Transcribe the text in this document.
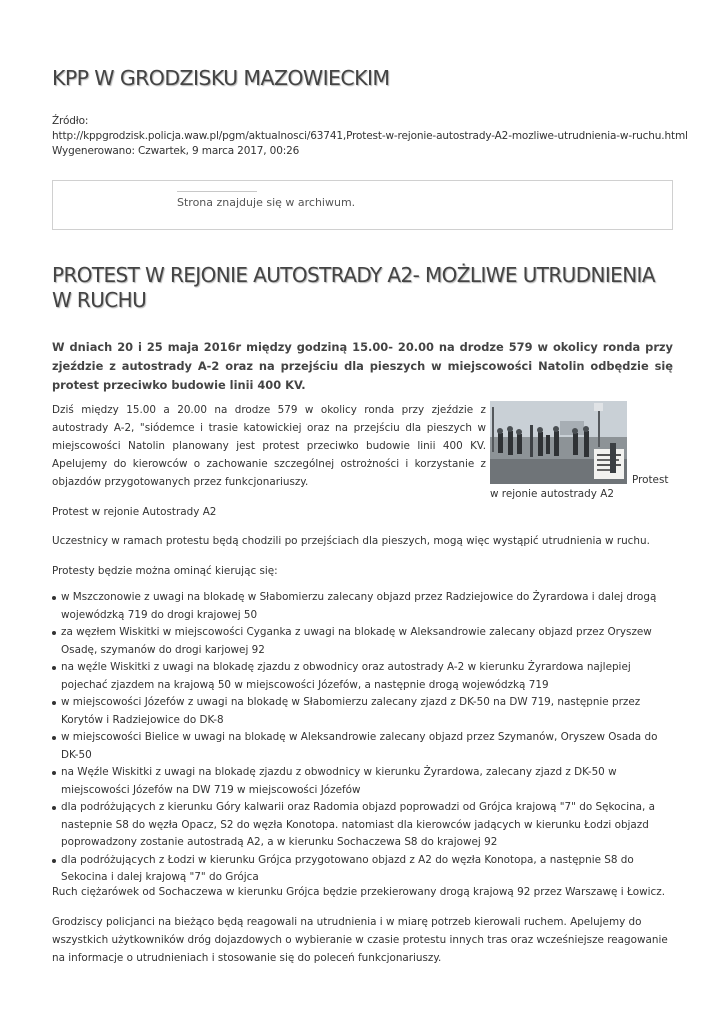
KPP W GRODZISKU MAZOWIECKIM
Źródło:
http://kppgrodzisk.policja.waw.pl/pgm/aktualnosci/63741,Protest-w-rejonie-autostrady-A2-mozliwe-utrudnienia-w-ruchu.html
Wygenerowano: Czwartek, 9 marca 2017, 00:26
Strona znajduje się w archiwum.
PROTEST W REJONIE AUTOSTRADY A2- MOŻLIWE UTRUDNIENIA W RUCHU

W dniach 20 i 25 maja 2016r między godziną 15.00- 20.00 na drodze 579 w okolicy ronda przy zjeździe z autostrady A-2 oraz na przejściu dla pieszych w miejscowości Natolin odbędzie się protest przeciwko budowie linii 400 KV.

Dziś między 15.00 a 20.00 na drodze 579 w okolicy ronda przy zjeździe z autostrady A-2, "siódemce i trasie katowickiej oraz na przejściu dla pieszych w miejscowości Natolin planowany jest protest przeciwko budowie linii 400 KV. Apelujemy do kierowców o zachowanie szczególnej ostrożności i korzystanie z objazdów przygotowanych przez funkcjonariuszy.	Protest
w rejonie autostrady A2

Protest w rejonie Autostrady A2

Uczestnicy w ramach protestu będą chodzili po przejściach dla pieszych, mogą więc wystąpić utrudnienia w ruchu.

Protesty będzie można ominąć kierując się:

w Mszczonowie z uwagi na blokadę w Słabomierzu zalecany objazd przez Radziejowice do Żyrardowa i dalej drogą wojewódzką 719 do drogi krajowej 50
za węzłem Wiskitki w miejscowości Cyganka z uwagi na blokadę w Aleksandrowie zalecany objazd przez Oryszew Osadę, szymanów do drogi karjowej 92
na węźle Wiskitki z uwagi na blokadę zjazdu z obwodnicy oraz autostrady A-2 w kierunku Żyrardowa najlepiej pojechać zjazdem na krajową 50 w miejscowości Józefów, a następnie drogą wojewódzką 719
w miejscowości Józefów z uwagi na blokadę w Słabomierzu zalecany zjazd z DK-50 na DW 719, następnie przez Korytów i Radziejowice do DK-8
w miejscowości Bielice w uwagi na blokadę w Aleksandrowie zalecany objazd przez Szymanów, Oryszew Osada do DK-50
na Węźle Wiskitki z uwagi na blokadę zjazdu z obwodnicy w kierunku Żyrardowa, zalecany zjazd z DK-50 w miejscowości Józefów na DW 719 w miejscowości Józefów
dla podróżujących z kierunku Góry kalwarii oraz Radomia objazd poprowadzi od Grójca krajową "7" do Sękocina, a nastepnie S8 do węzła Opacz, S2 do węzła Konotopa. natomiast dla kierowców jadących w kierunku Łodzi objazd poprowadzony zostanie autostradą A2, a w kierunku Sochaczewa S8 do krajowej 92
dla podróżujących z Łodzi w kierunku Grójca przygotowano objazd z A2 do węzła Konotopa, a następnie S8 do Sekocina i dalej krajową "7" do Grójca

Ruch ciężarówek od Sochaczewa w kierunku Grójca będzie przekierowany drogą krajową 92 przez Warszawę i Łowicz.

Grodziscy policjanci na bieżąco będą reagowali na utrudnienia i w miarę potrzeb kierowali ruchem. Apelujemy do wszystkich użytkowników dróg dojazdowych o wybieranie w czasie protestu innych tras oraz wcześniejsze reagowanie na informacje o utrudnieniach i stosowanie się do poleceń funkcjonariuszy.
